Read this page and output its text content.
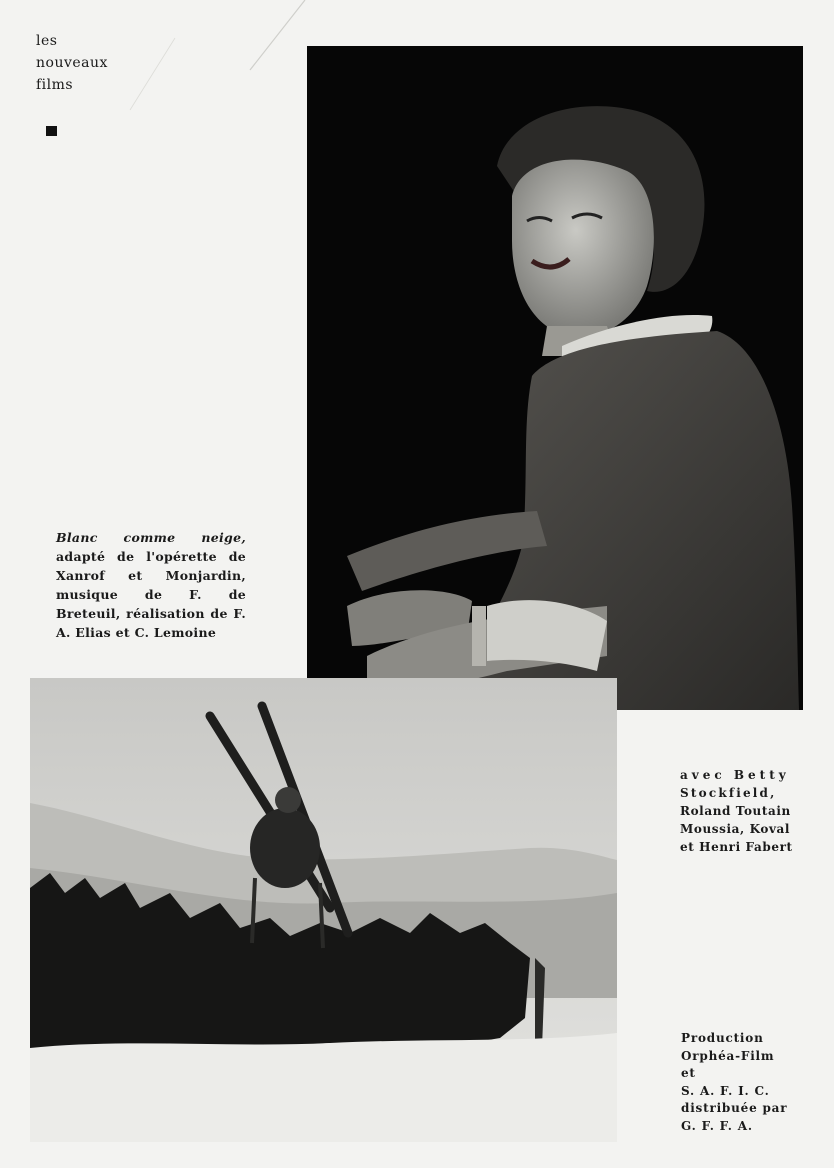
les
nouveaux
films
Blanc comme neige, adapté de l'opérette de Xanrof et Monjardin, musique de F. de Breteuil, réalisation de F. A. Elias et C. Lemoine
avec Betty
Stockfield,
Roland Toutain
Moussia, Koval
et Henri Fabert
Production
Orphéa-Film
et
S. A. F. I. C.
distribuée par
G. F. F. A.
